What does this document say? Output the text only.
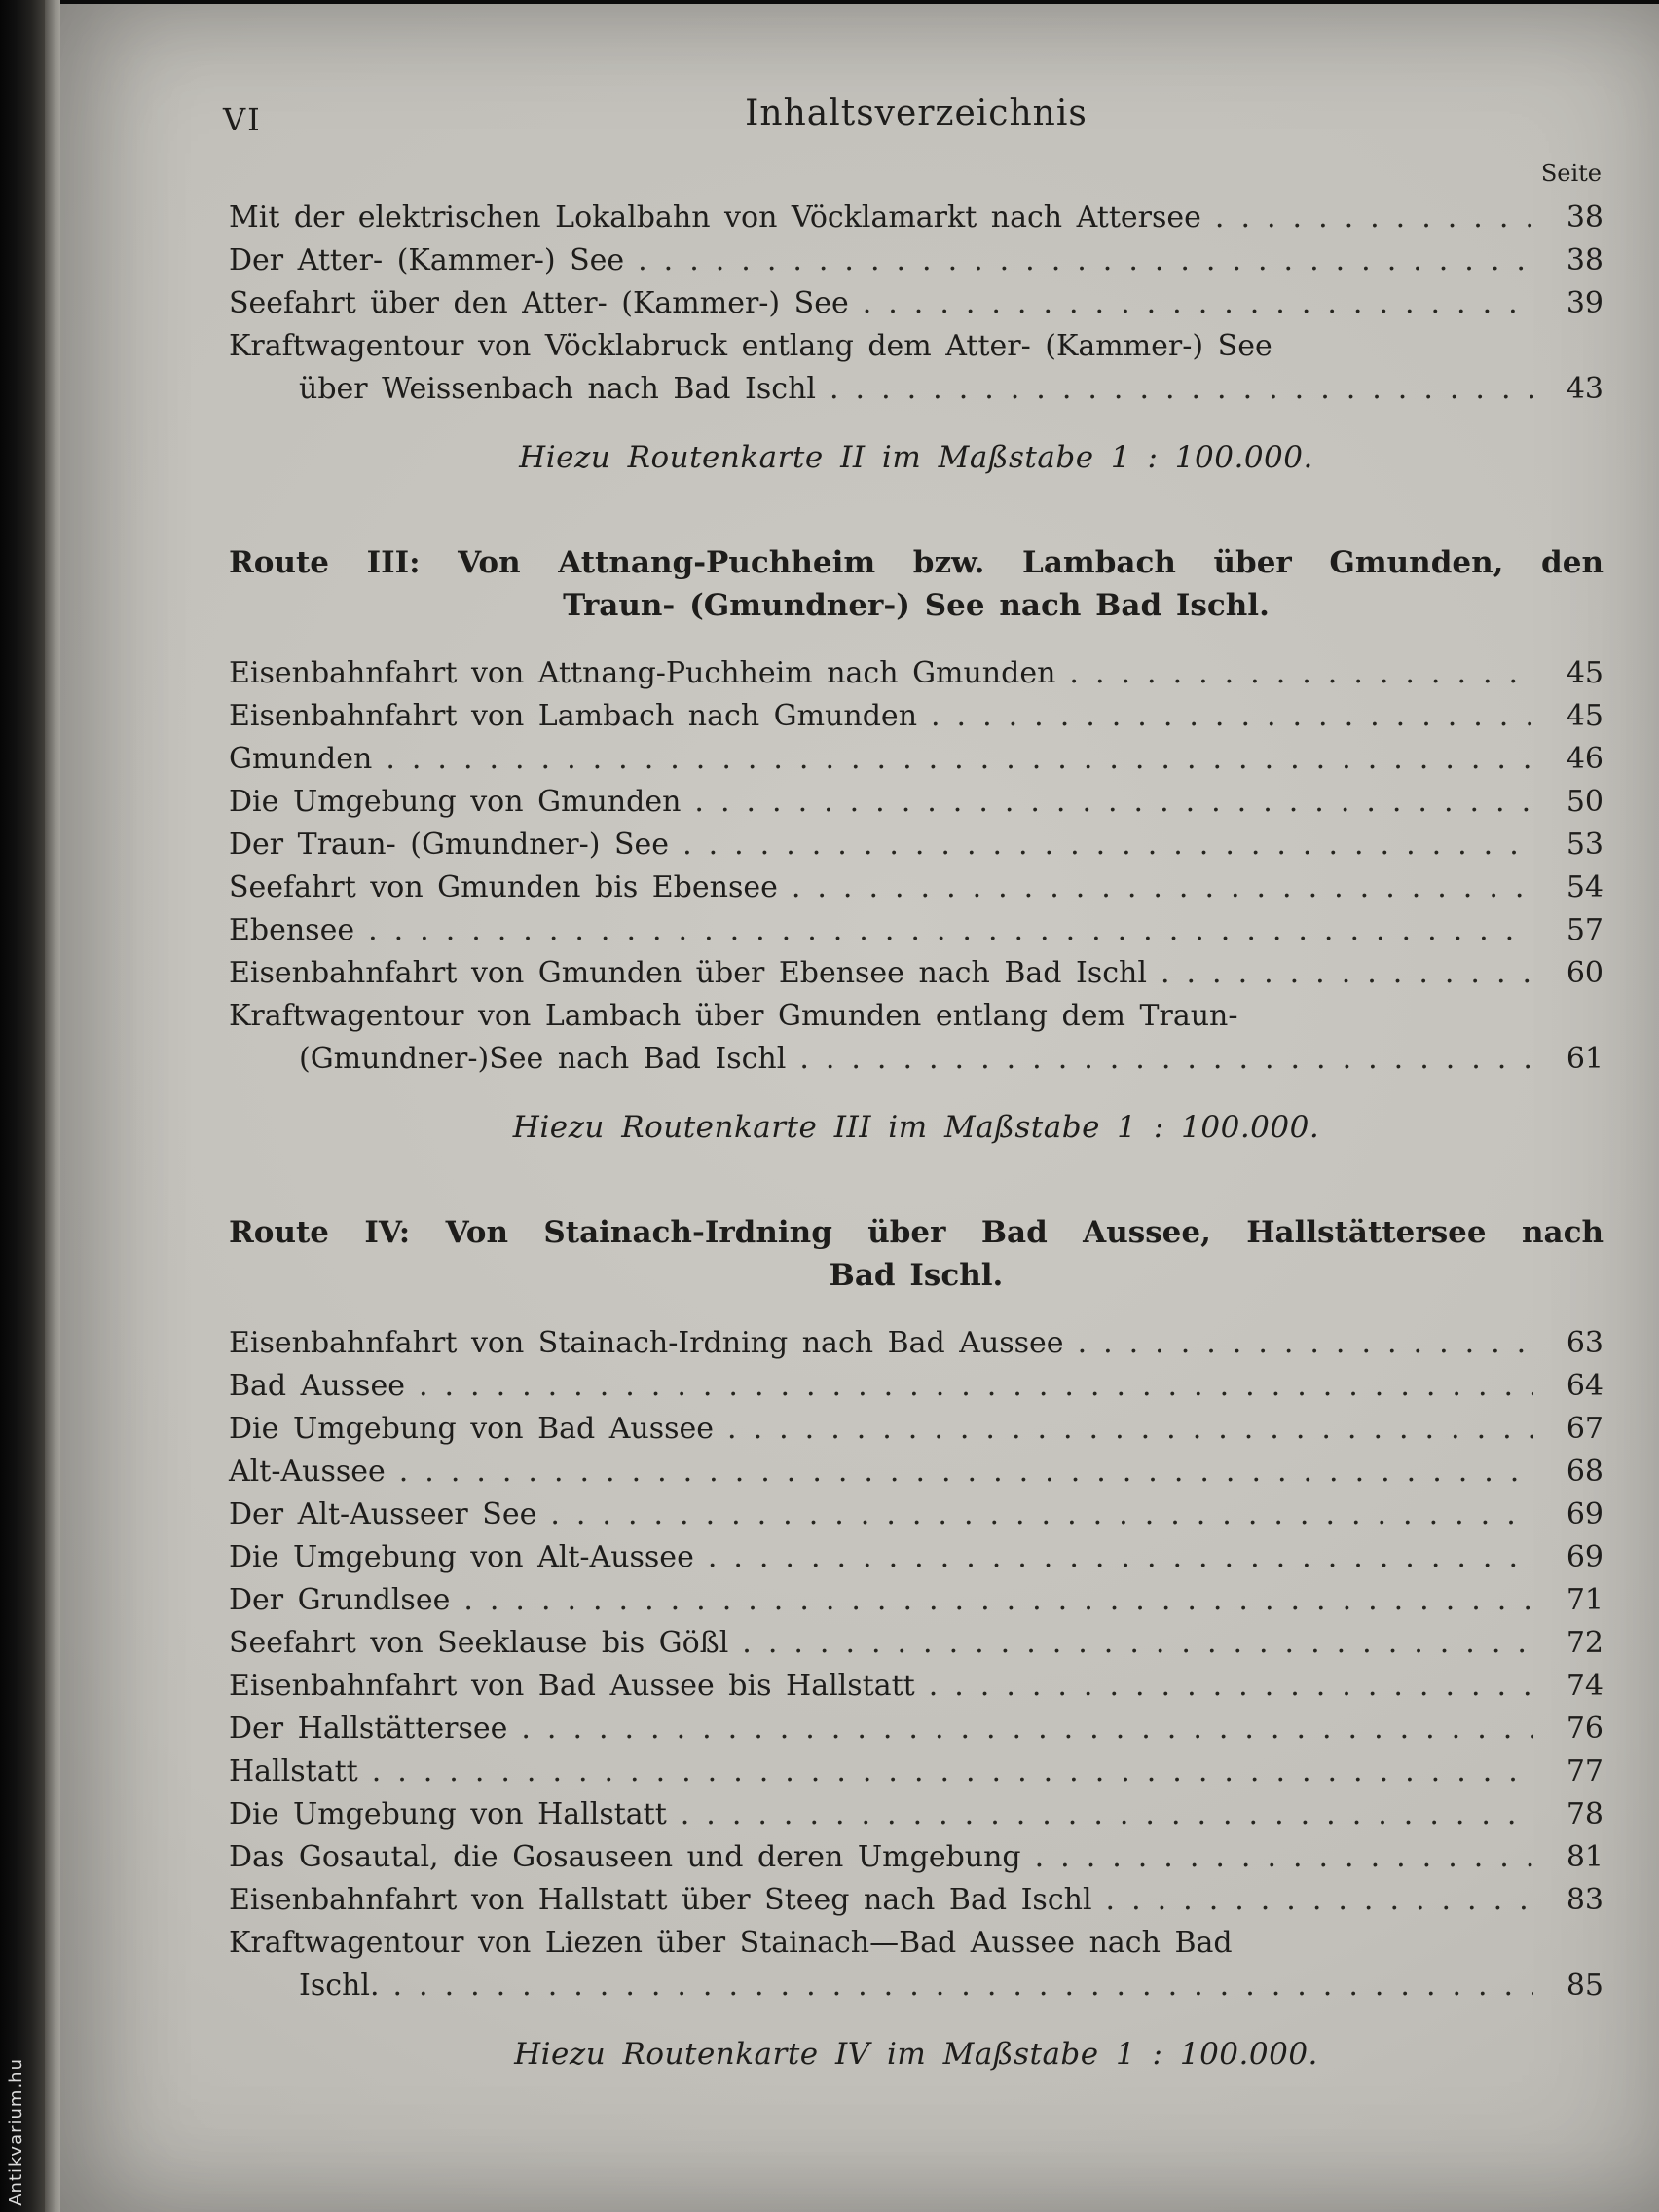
Antikvarium.hu
VI	Inhaltsverzeichnis
Seite
Mit der elektrischen Lokalbahn von Vöcklamarkt nach Attersee .....	38
Der Atter- (Kammer-) See .....	38
Seefahrt über den Atter- (Kammer-) See .....	39
Kraftwagentour von Vöcklabruck entlang dem Atter- (Kammer-) See
über Weissenbach nach Bad Ischl .....	43
Hiezu Routenkarte II im Maßstabe 1 : 100.000.
Route III: Von Attnang-Puchheim bzw. Lambach über Gmunden, den
Traun- (Gmundner-) See nach Bad Ischl.
Eisenbahnfahrt von Attnang-Puchheim nach Gmunden .....	45
Eisenbahnfahrt von Lambach nach Gmunden .....	45
Gmunden .....	46
Die Umgebung von Gmunden .....	50
Der Traun- (Gmundner-) See .....	53
Seefahrt von Gmunden bis Ebensee .....	54
Ebensee .....	57
Eisenbahnfahrt von Gmunden über Ebensee nach Bad Ischl .....	60
Kraftwagentour von Lambach über Gmunden entlang dem Traun-
(Gmundner-)See nach Bad Ischl .....	61
Hiezu Routenkarte III im Maßstabe 1 : 100.000.
Route IV: Von Stainach-Irdning über Bad Aussee, Hallstättersee nach
Bad Ischl.
Eisenbahnfahrt von Stainach-Irdning nach Bad Aussee .....	63
Bad Aussee .....	64
Die Umgebung von Bad Aussee .....	67
Alt-Aussee .....	68
Der Alt-Ausseer See .....	69
Die Umgebung von Alt-Aussee .....	69
Der Grundlsee .....	71
Seefahrt von Seeklause bis Gößl .....	72
Eisenbahnfahrt von Bad Aussee bis Hallstatt .....	74
Der Hallstättersee .....	76
Hallstatt .....	77
Die Umgebung von Hallstatt .....	78
Das Gosautal, die Gosauseen und deren Umgebung .....	81
Eisenbahnfahrt von Hallstatt über Steeg nach Bad Ischl .....	83
Kraftwagentour von Liezen über Stainach—Bad Aussee nach Bad
Ischl. .....	85
Hiezu Routenkarte IV im Maßstabe 1 : 100.000.
